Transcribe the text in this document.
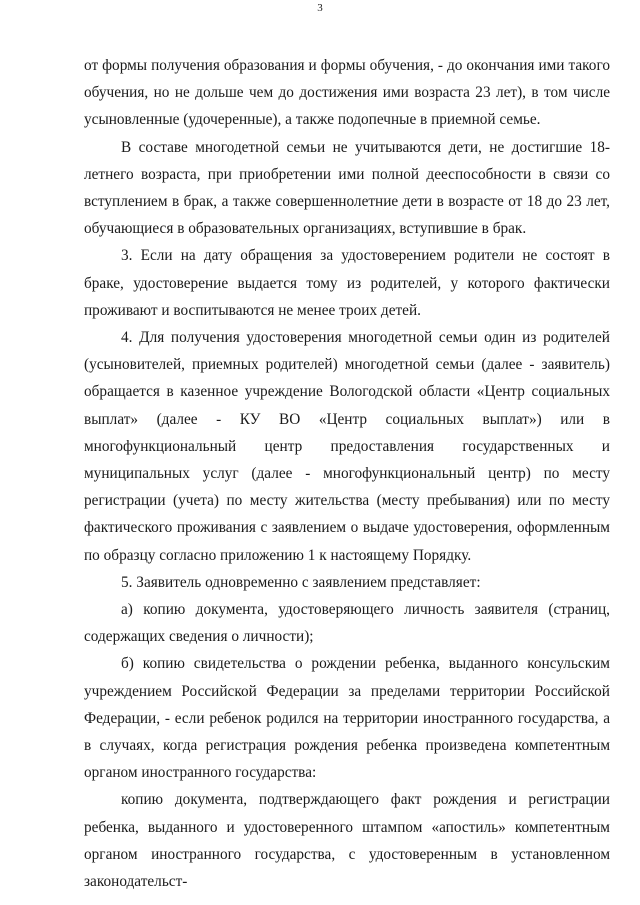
3

от формы получения образования и формы обучения, - до окончания ими такого обучения, но не дольше чем до достижения ими возраста 23 лет), в том числе усыновленные (удочеренные), а также подопечные в приемной семье.

В составе многодетной семьи не учитываются дети, не достигшие 18-летнего возраста, при приобретении ими полной дееспособности в связи со вступлением в брак, а также совершеннолетние дети в возрасте от 18 до 23 лет, обучающиеся в образовательных организациях, вступившие в брак.

3. Если на дату обращения за удостоверением родители не состоят в браке, удостоверение выдается тому из родителей, у которого фактически проживают и воспитываются не менее троих детей.

4. Для получения удостоверения многодетной семьи один из родителей (усыновителей, приемных родителей) многодетной семьи (далее - заявитель) обращается в казенное учреждение Вологодской области «Центр социальных выплат» (далее - КУ ВО «Центр социальных выплат») или в многофункциональный центр предоставления государственных и муниципальных услуг (далее - многофункциональный центр) по месту регистрации (учета) по месту жительства (месту пребывания) или по месту фактического проживания с заявлением о выдаче удостоверения, оформленным по образцу согласно приложению 1 к настоящему Порядку.

5. Заявитель одновременно с заявлением представляет:

а) копию документа, удостоверяющего личность заявителя (страниц, содержащих сведения о личности);

б) копию свидетельства о рождении ребенка, выданного консульским учреждением Российской Федерации за пределами территории Российской Федерации, - если ребенок родился на территории иностранного государства, а в случаях, когда регистрация рождения ребенка произведена компетентным органом иностранного государства:

копию документа, подтверждающего факт рождения и регистрации ребенка, выданного и удостоверенного штампом «апостиль» компетентным органом иностранного государства, с удостоверенным в установленном законодательст-
